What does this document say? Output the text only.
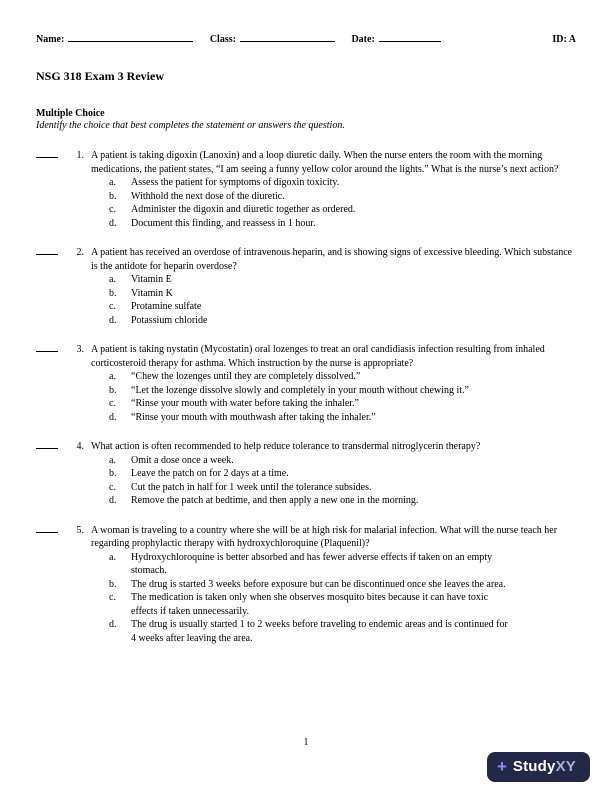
ID: A
Name:	Class:	Date:
NSG 318 Exam 3 Review
Multiple Choice
Identify the choice that best completes the statement or answers the question.
1. A patient is taking digoxin (Lanoxin) and a loop diuretic daily. When the nurse enters the room with the morning medications, the patient states, “I am seeing a funny yellow color around the lights.” What is the nurse’s next action?
a.	Assess the patient for symptoms of digoxin toxicity.
b.	Withhold the next dose of the diuretic.
c.	Administer the digoxin and diuretic together as ordered.
d.	Document this finding, and reassess in 1 hour.
2. A patient has received an overdose of intravenous heparin, and is showing signs of excessive bleeding. Which substance is the antidote for heparin overdose?
a.	Vitamin E
b.	Vitamin K
c.	Protamine sulfate
d.	Potassium chloride
3. A patient is taking nystatin (Mycostatin) oral lozenges to treat an oral candidiasis infection resulting from inhaled corticosteroid therapy for asthma. Which instruction by the nurse is appropriate?
a.	“Chew the lozenges until they are completely dissolved.”
b.	“Let the lozenge dissolve slowly and completely in your mouth without chewing it.”
c.	“Rinse your mouth with water before taking the inhaler.”
d.	“Rinse your mouth with mouthwash after taking the inhaler.”
4. What action is often recommended to help reduce tolerance to transdermal nitroglycerin therapy?
a.	Omit a dose once a week.
b.	Leave the patch on for 2 days at a time.
c.	Cut the patch in half for 1 week until the tolerance subsides.
d.	Remove the patch at bedtime, and then apply a new one in the morning.
5. A woman is traveling to a country where she will be at high risk for malarial infection. What will the nurse teach her regarding prophylactic therapy with hydroxychloroquine (Plaquenil)?
a.	Hydroxychloroquine is better absorbed and has fewer adverse effects if taken on an empty stomach.
b.	The drug is started 3 weeks before exposure but can be discontinued once she leaves the area.
c.	The medication is taken only when she observes mosquito bites because it can have toxic effects if taken unnecessarily.
d.	The drug is usually started 1 to 2 weeks before traveling to endemic areas and is continued for 4 weeks after leaving the area.
1
+ StudyXY
